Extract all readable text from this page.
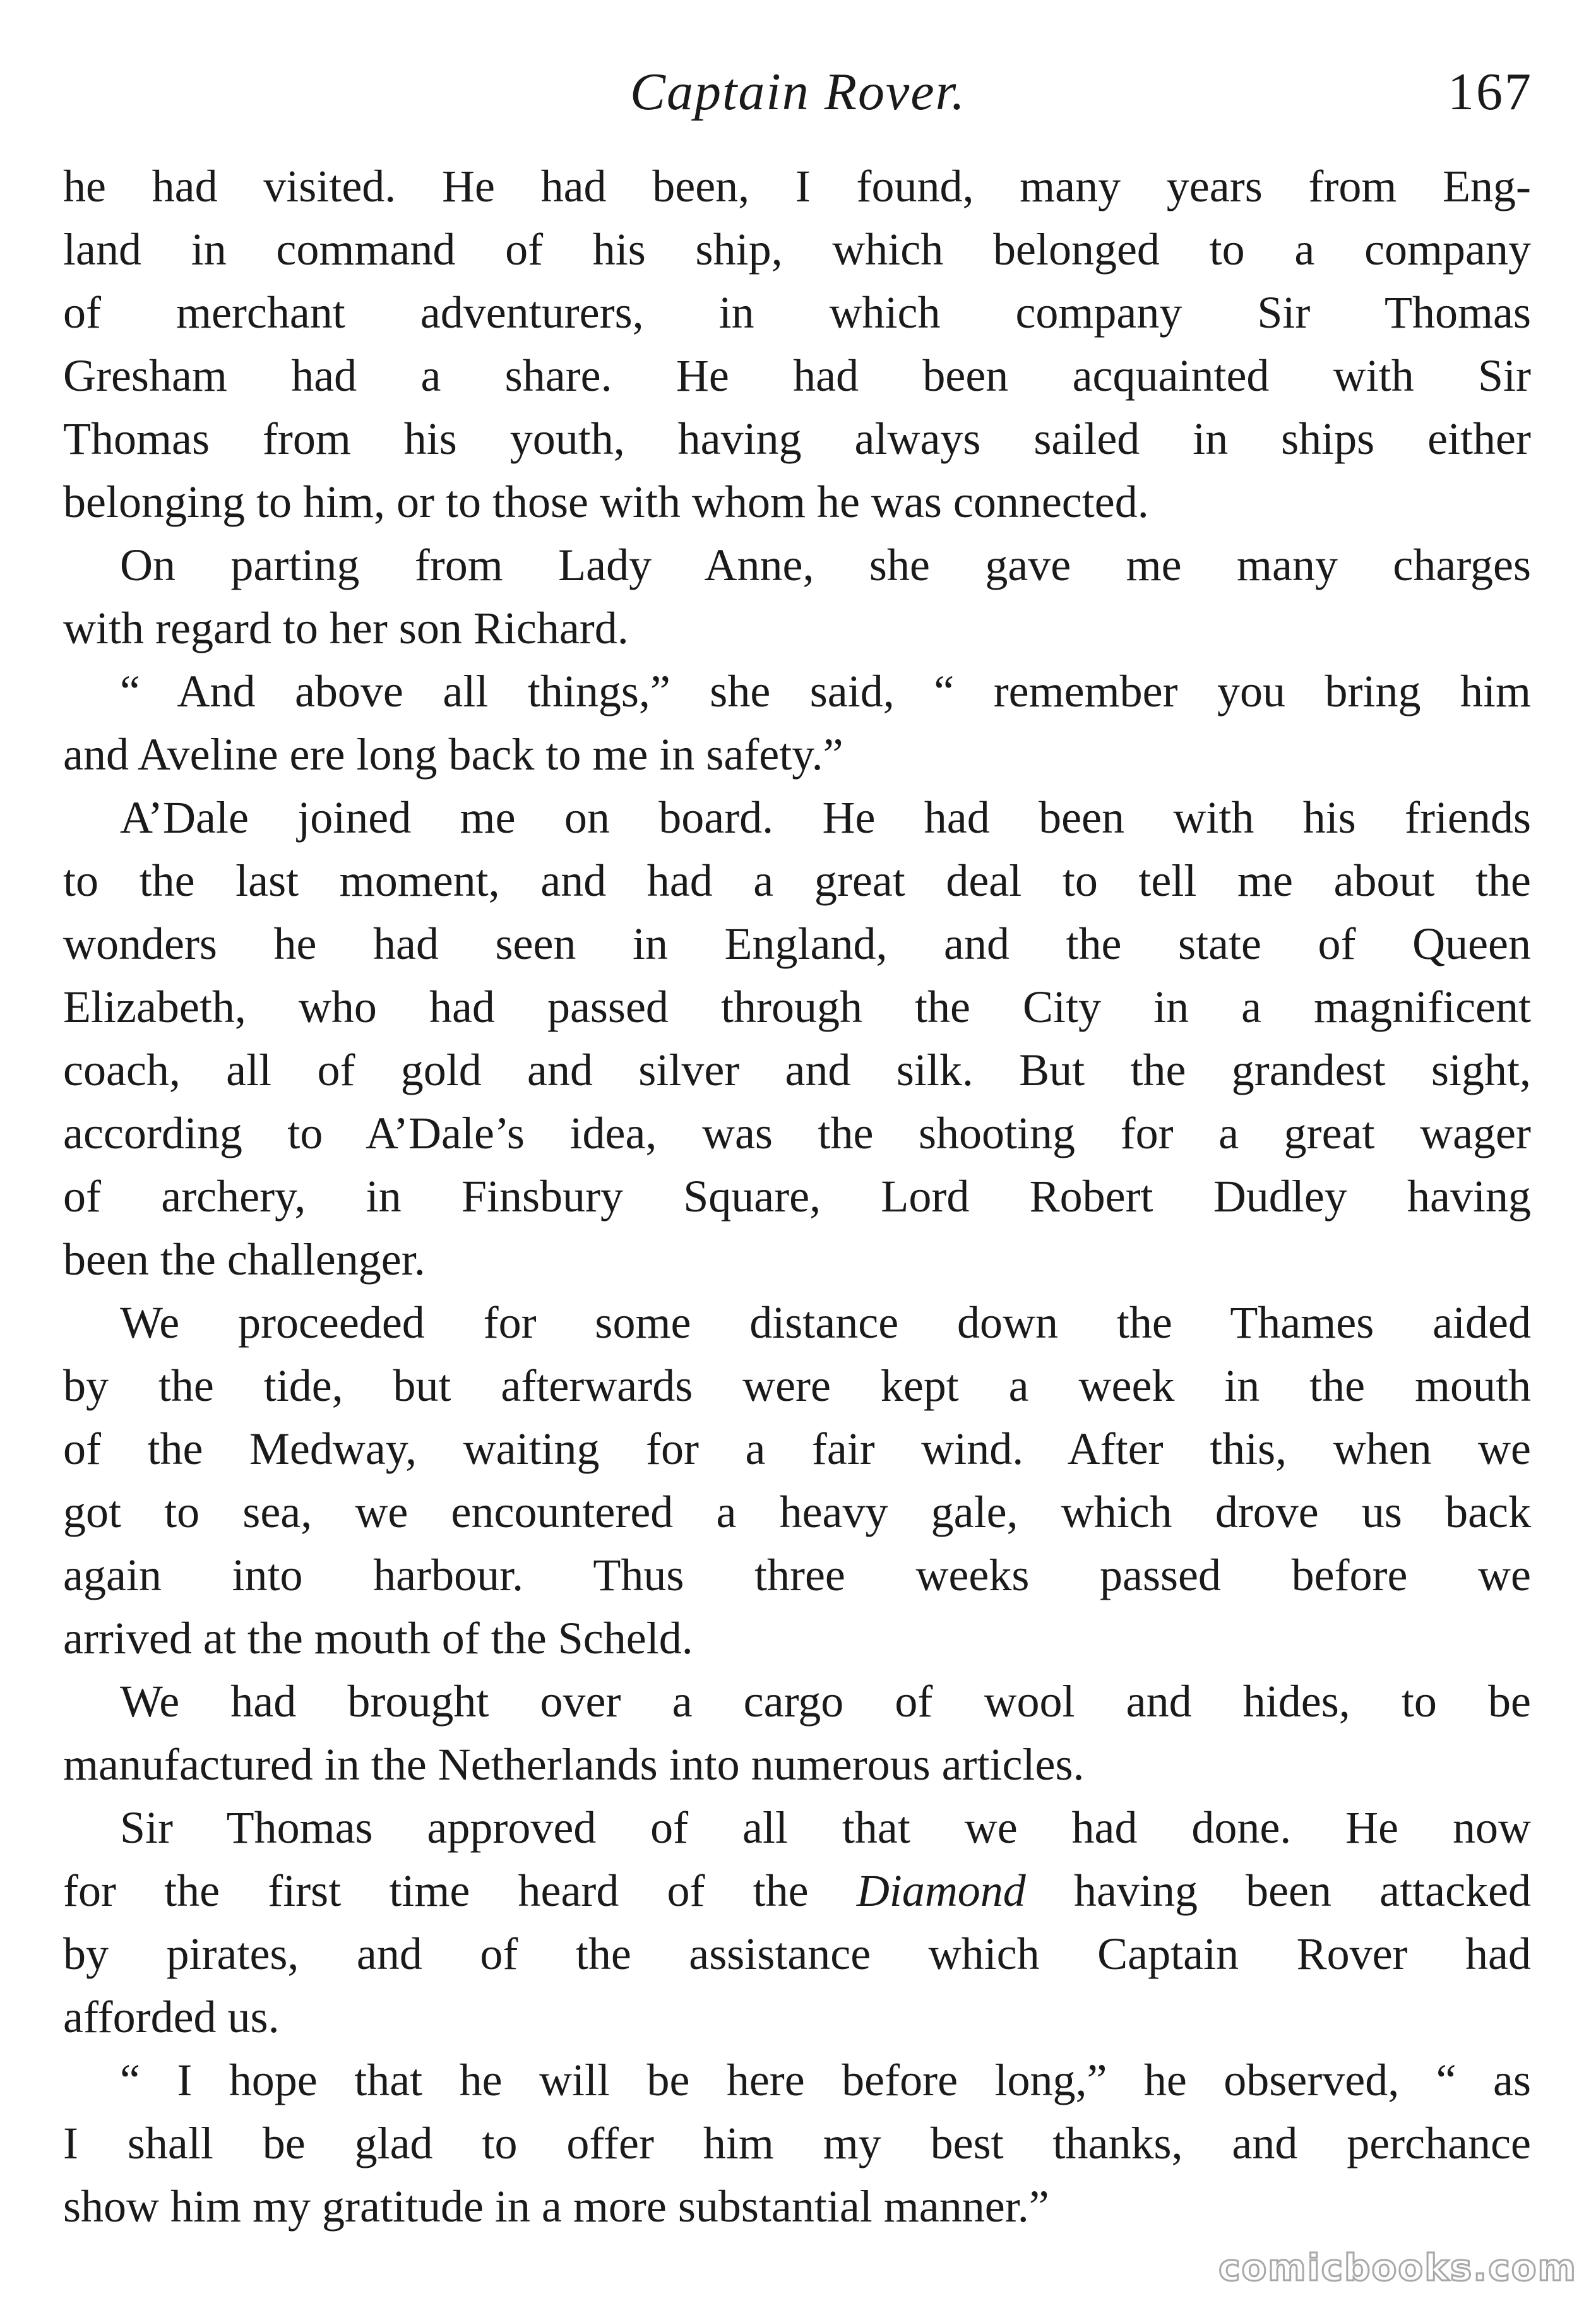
Captain Rover.	167

he had visited. He had been, I found, many years from Eng-
land in command of his ship, which belonged to a company
of merchant adventurers, in which company Sir Thomas
Gresham had a share. He had been acquainted with Sir
Thomas from his youth, having always sailed in ships either
belonging to him, or to those with whom he was connected.

On parting from Lady Anne, she gave me many charges
with regard to her son Richard.

“ And above all things,” she said, “ remember you bring him
and Aveline ere long back to me in safety.”

A’Dale joined me on board. He had been with his friends
to the last moment, and had a great deal to tell me about the
wonders he had seen in England, and the state of Queen
Elizabeth, who had passed through the City in a magnificent
coach, all of gold and silver and silk. But the grandest sight,
according to A’Dale’s idea, was the shooting for a great wager
of archery, in Finsbury Square, Lord Robert Dudley having
been the challenger.

We proceeded for some distance down the Thames aided
by the tide, but afterwards were kept a week in the mouth
of the Medway, waiting for a fair wind. After this, when we
got to sea, we encountered a heavy gale, which drove us back
again into harbour. Thus three weeks passed before we
arrived at the mouth of the Scheld.

We had brought over a cargo of wool and hides, to be
manufactured in the Netherlands into numerous articles.

Sir Thomas approved of all that we had done. He now
for the first time heard of the Diamond having been attacked
by pirates, and of the assistance which Captain Rover had
afforded us.

“ I hope that he will be here before long,” he observed, “ as
I shall be glad to offer him my best thanks, and perchance
show him my gratitude in a more substantial manner.”

comicbooks.com
